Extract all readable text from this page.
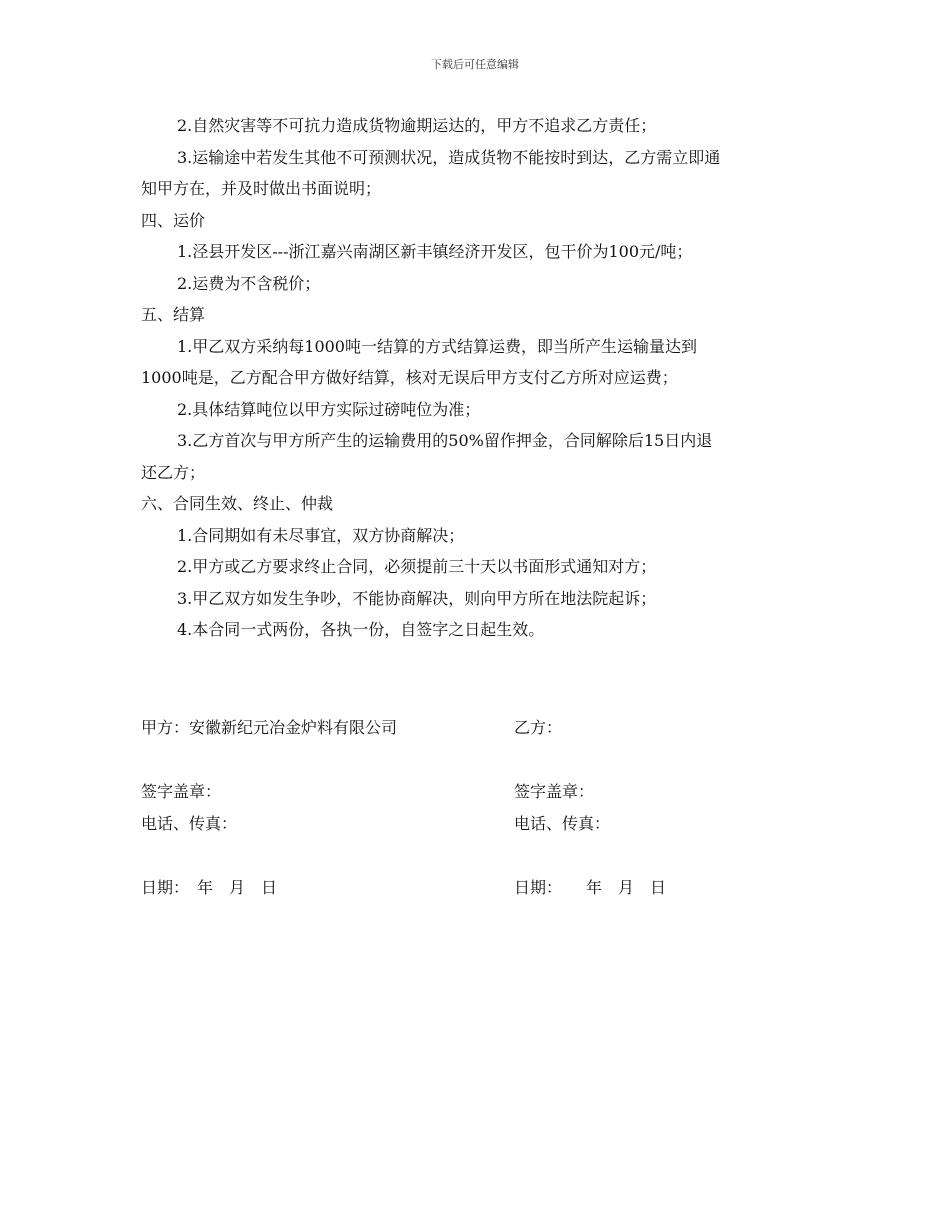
下载后可任意编辑
2.自然灾害等不可抗力造成货物逾期运达的，甲方不追求乙方责任；
3.运输途中若发生其他不可预测状况，造成货物不能按时到达，乙方需立即通
知甲方在，并及时做出书面说明；
四、运价
1.泾县开发区---浙江嘉兴南湖区新丰镇经济开发区，包干价为100元/吨；
2.运费为不含税价；
五、结算
1.甲乙双方采纳每1000吨一结算的方式结算运费，即当所产生运输量达到
1000吨是，乙方配合甲方做好结算，核对无误后甲方支付乙方所对应运费；
2.具体结算吨位以甲方实际过磅吨位为准；
3.乙方首次与甲方所产生的运输费用的50%留作押金，合同解除后15日内退
还乙方；
六、合同生效、终止、仲裁
1.合同期如有未尽事宜，双方协商解决；
2.甲方或乙方要求终止合同，必须提前三十天以书面形式通知对方；
3.甲乙双方如发生争吵，不能协商解决，则向甲方所在地法院起诉；
4.本合同一式两份，各执一份，自签字之日起生效。
甲方：安徽新纪元冶金炉料有限公司	乙方：
签字盖章：	签字盖章：
电话、传真：	电话、传真：
日期：　年　月　日	日期：　　年　月　日
